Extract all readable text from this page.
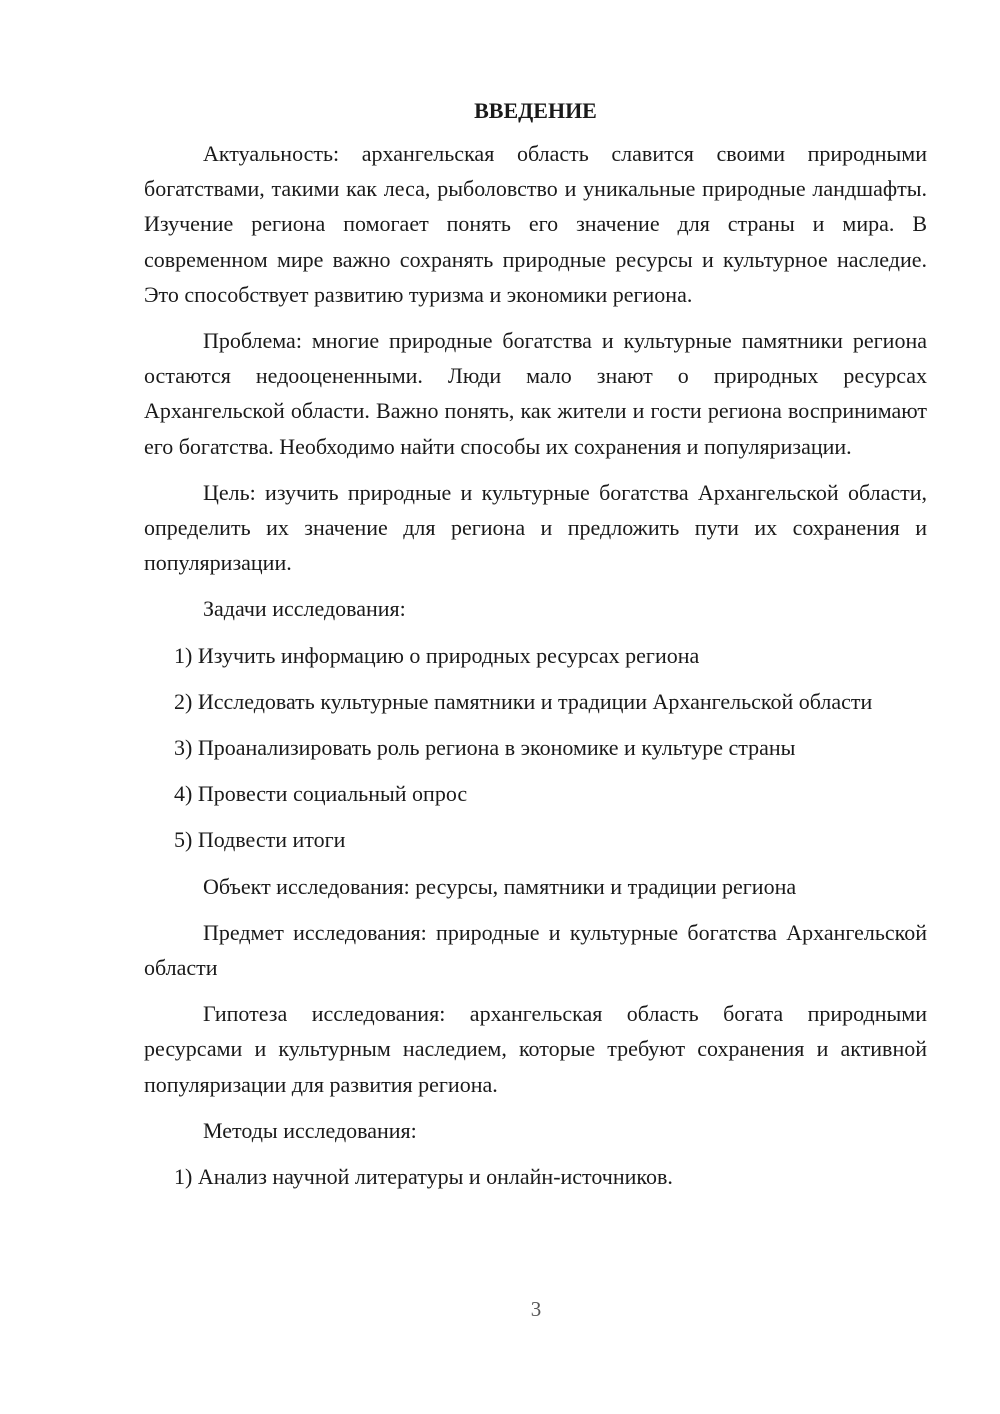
ВВЕДЕНИЕ

Актуальность: архангельская область славится своими природными богатствами, такими как леса, рыболовство и уникальные природные ландшафты. Изучение региона помогает понять его значение для страны и мира. В современном мире важно сохранять природные ресурсы и культурное наследие. Это способствует развитию туризма и экономики региона.

Проблема: многие природные богатства и культурные памятники региона остаются недооцененными. Люди мало знают о природных ресурсах Архангельской области. Важно понять, как жители и гости региона воспринимают его богатства. Необходимо найти способы их сохранения и популяризации.

Цель: изучить природные и культурные богатства Архангельской области, определить их значение для региона и предложить пути их сохранения и популяризации.

Задачи исследования:

1) Изучить информацию о природных ресурсах региона

2) Исследовать культурные памятники и традиции Архангельской области

3) Проанализировать роль региона в экономике и культуре страны

4) Провести социальный опрос

5) Подвести итоги

Объект исследования: ресурсы, памятники и традиции региона

Предмет исследования: природные и культурные богатства Архангельской области

Гипотеза исследования: архангельская область богата природными ресурсами и культурным наследием, которые требуют сохранения и активной популяризации для развития региона.

Методы исследования:

1) Анализ научной литературы и онлайн-источников.

3
